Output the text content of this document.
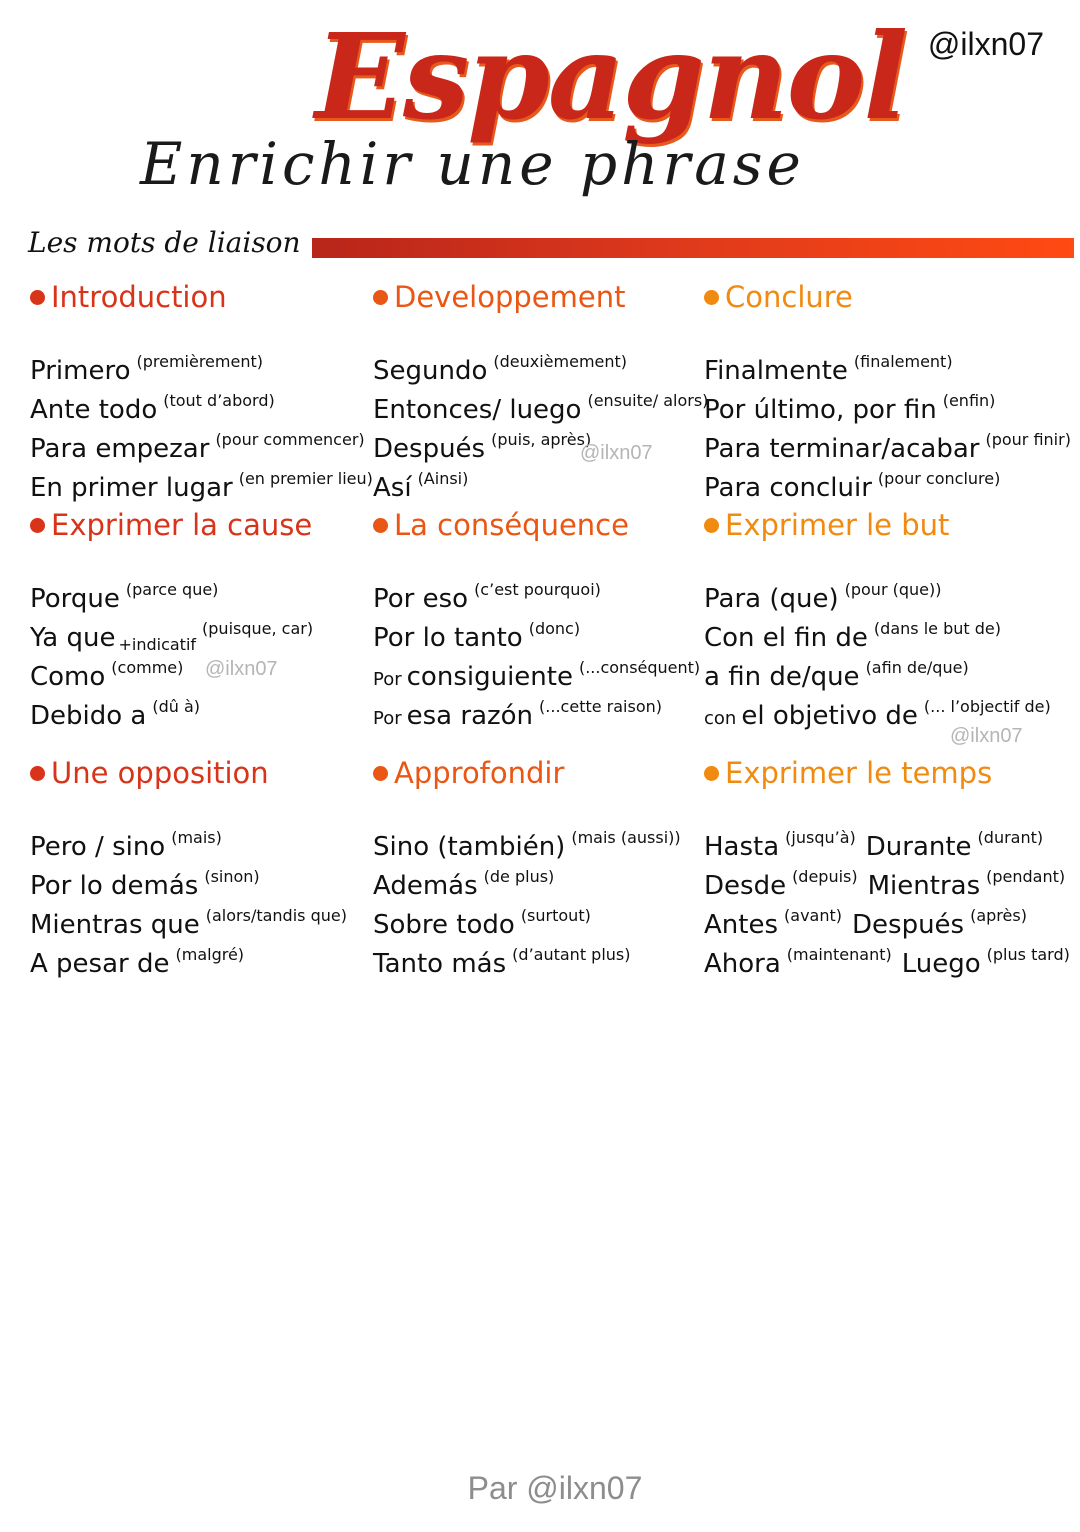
@ilxn07
Espagnol
Enrichir une phrase
Les mots de liaison
Introduction
Primero $^{(premièrement)}$
Ante todo $^{(tout d’abord)}$
Para empezar $^{(pour commencer)}$
En primer lugar $^{(en premier lieu)}$
Developpement
Segundo $^{(deuxièmement)}$
Entonces/ luego $^{(ensuite/ alors)}$
Después $^{(puis, après)}$
Así $^{(Ainsi)}$
Conclure
Finalmente $^{(finalement)}$
Por último, por fin $^{(enfin)}$
Para terminar/acabar $^{(pour finir)}$
Para concluir $^{(pour conclure)}$
Exprimer la cause
Porque $^{(parce que)}$
Ya que +indicatif$^{(puisque, car)}$
Como $^{(comme)}$
Debido a $^{(dû à)}$
La conséquence
Por eso $^{(c’est pourquoi)}$
Por lo tanto $^{(donc)}$
Por consiguiente $^{(...conséquent)}$
Por esa razón $^{(...cette raison)}$
Exprimer le but
Para (que) $^{(pour (que))}$
Con el fin de $^{(dans le but de)}$
a fin de/que $^{(afin de/que)}$
con el objetivo de $^{(... l’objectif de)}$
Une opposition
Pero / sino $^{(mais)}$
Por lo demás $^{(sinon)}$
Mientras que $^{(alors/tandis que)}$
A pesar de $^{(malgré)}$
Approfondir
Sino (también) $^{(mais (aussi))}$
Además $^{(de plus)}$
Sobre todo $^{(surtout)}$
Tanto más $^{(d’autant plus)}$
Exprimer le temps
Hasta $^{(jusqu’à)}$ Durante $^{(durant)}$
Desde $^{(depuis)}$ Mientras $^{(pendant)}$
Antes $^{(avant)}$ Después $^{(après)}$
Ahora $^{(maintenant)}$ Luego $^{(plus tard)}$
@ilxn07
@ilxn07
@ilxn07
Par @ilxn07
